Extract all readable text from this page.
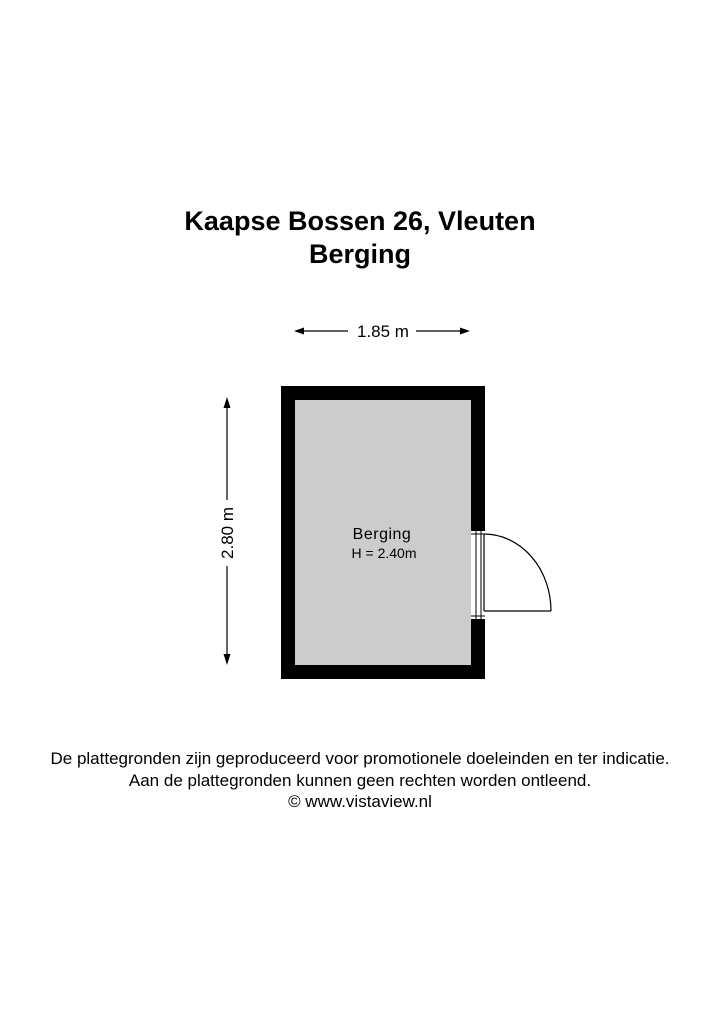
Kaapse Bossen 26, Vleuten
Berging
1.85 m
2.80 m	Berging
H = 2.40m

De plattegronden zijn geproduceerd voor promotionele doeleinden en ter indicatie.

Aan de plattegronden kunnen geen rechten worden ontleend.

© www.vistaview.nl
